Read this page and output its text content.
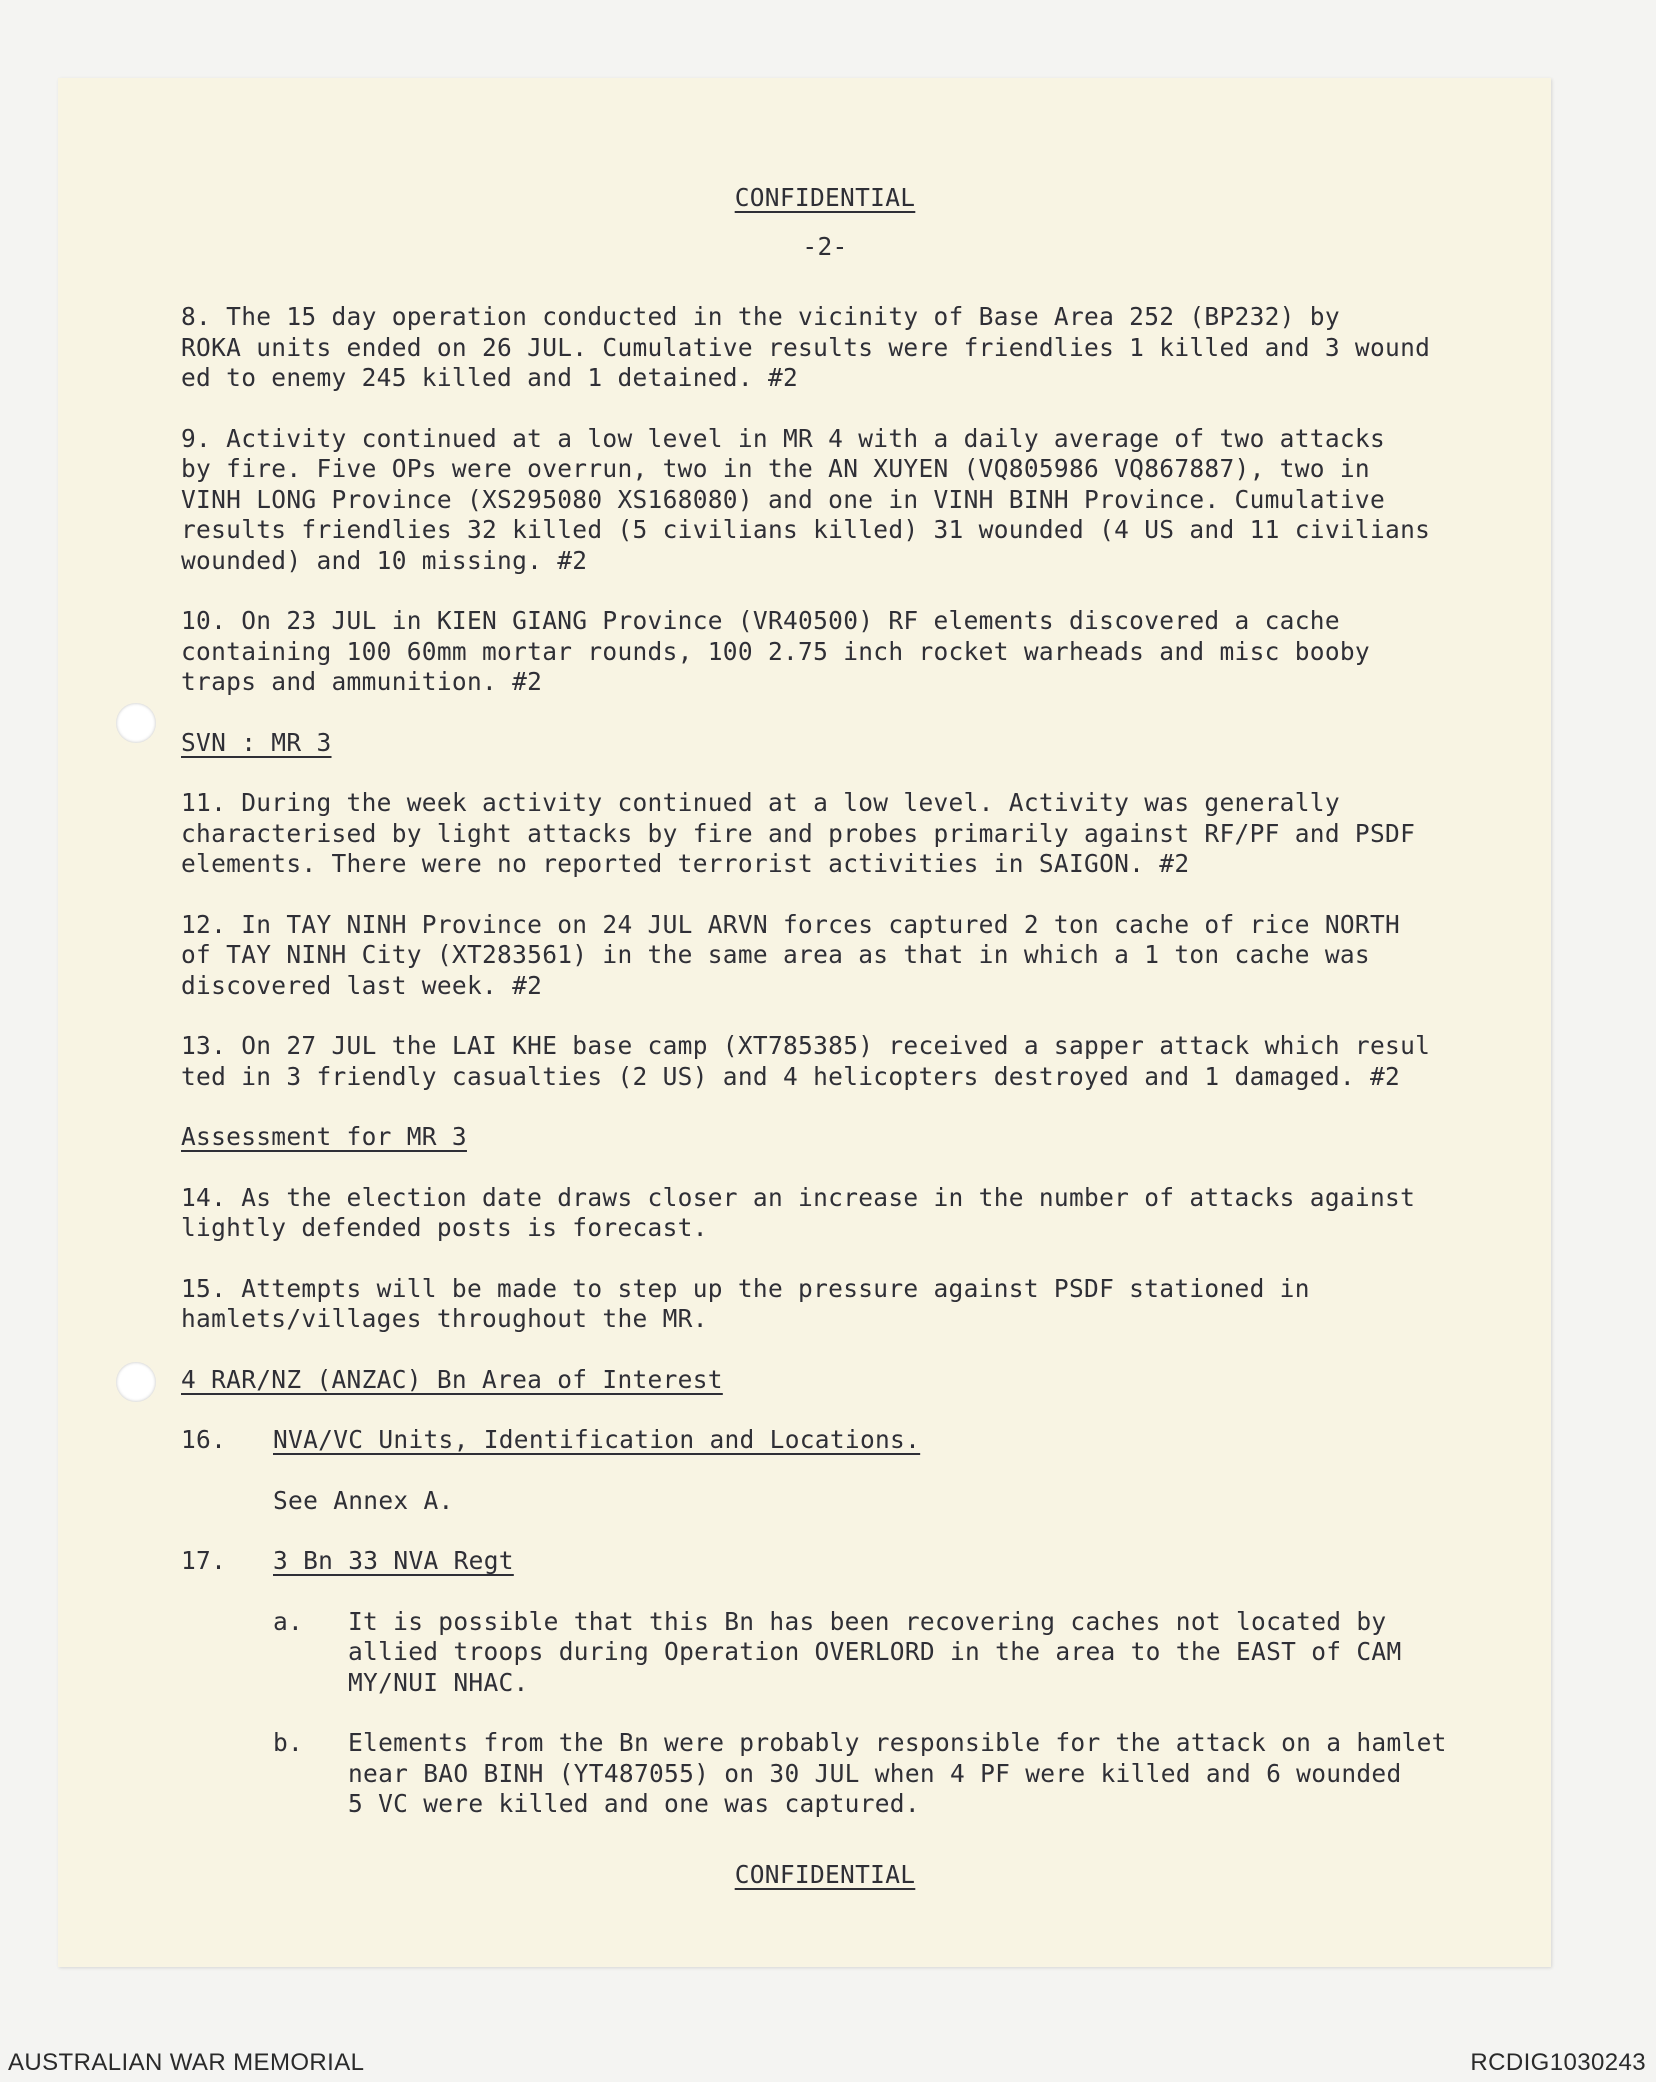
CONFIDENTIAL
-2-

8. The 15 day operation conducted in the vicinity of Base Area 252 (BP232) by
ROKA units ended on 26 JUL. Cumulative results were friendlies 1 killed and 3 wound
ed to enemy 245 killed and 1 detained. #2

9. Activity continued at a low level in MR 4 with a daily average of two attacks
by fire. Five OPs were overrun, two in the AN XUYEN (VQ805986 VQ867887), two in
VINH LONG Province (XS295080 XS168080) and one in VINH BINH Province. Cumulative
results friendlies 32 killed (5 civilians killed) 31 wounded (4 US and 11 civilians
wounded) and 10 missing. #2

10. On 23 JUL in KIEN GIANG Province (VR40500) RF elements discovered a cache
containing 100 60mm mortar rounds, 100 2.75 inch rocket warheads and misc booby
traps and ammunition. #2

SVN : MR 3

11. During the week activity continued at a low level. Activity was generally
characterised by light attacks by fire and probes primarily against RF/PF and PSDF
elements. There were no reported terrorist activities in SAIGON. #2

12. In TAY NINH Province on 24 JUL ARVN forces captured 2 ton cache of rice NORTH
of TAY NINH City (XT283561) in the same area as that in which a 1 ton cache was
discovered last week. #2

13. On 27 JUL the LAI KHE base camp (XT785385) received a sapper attack which resul
ted in 3 friendly casualties (2 US) and 4 helicopters destroyed and 1 damaged. #2

Assessment for MR 3

14. As the election date draws closer an increase in the number of attacks against
lightly defended posts is forecast.

15. Attempts will be made to step up the pressure against PSDF stationed in
hamlets/villages throughout the MR.

4 RAR/NZ (ANZAC) Bn Area of Interest

16.	NVA/VC Units, Identification and Locations.

See Annex A.

17.	3 Bn 33 NVA Regt
a.	It is possible that this Bn has been recovering caches not located by
allied troops during Operation OVERLORD in the area to the EAST of CAM
MY/NUI NHAC.

b.	Elements from the Bn were probably responsible for the attack on a hamlet
near BAO BINH (YT487055) on 30 JUL when 4 PF were killed and 6 wounded
5 VC were killed and one was captured.

CONFIDENTIAL
AUSTRALIAN WAR MEMORIAL	RCDIG1030243
